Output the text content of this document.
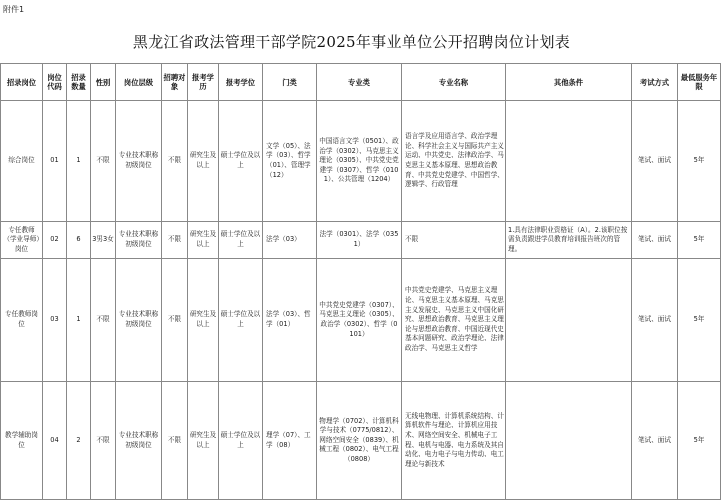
附件1
黑龙江省政法管理干部学院2025年事业单位公开招聘岗位计划表
招录岗位	岗位代码	招录数量	性别	岗位层级	招聘对象	报考学历	报考学位	门类	专业类	专业名称	其他条件	考试方式	最低服务年限
综合岗位	01	1	不限	专业技术职称初级岗位	不限	研究生及以上	硕士学位及以上	文学（05）、法学（03）、哲学（01）、管理学（12）	中国语言文学（0501）、政治学（0302）、马克思主义理论（0305）、中共党史党建学（0307）、哲学（0101）、公共管理（1204）	语言学及应用语言学、政治学理论、科学社会主义与国际共产主义运动、中共党史、法律政治学、马克思主义基本原理、思想政治教育、中共党史党建学、中国哲学、逻辑学、行政管理		笔试、面试	5年
专任教师（学业导师）岗位	02	6	3男3女	专业技术职称初级岗位	不限	研究生及以上	硕士学位及以上	法学（03）	法学（0301）、法学（0351）	不限	1.具有法律职业资格证（A）。2.该职位按需负责跟进学员教育培训报告班次的管理。	笔试、面试	5年
专任教师岗位	03	1	不限	专业技术职称初级岗位	不限	研究生及以上	硕士学位及以上	法学（03）、哲学（01）	中共党史党建学（0307）、马克思主义理论（0305）、政治学（0302）、哲学（0101）	中共党史党建学、马克思主义理论、马克思主义基本原理、马克思主义发展史、马克思主义中国化研究、思想政治教育、马克思主义理论与思想政治教育、中国近现代史基本问题研究、政治学理论、法律政治学、马克思主义哲学		笔试、面试	5年
教学辅助岗位	04	2	不限	专业技术职称初级岗位	不限	研究生及以上	硕士学位及以上	理学（07）、工学（08）	物理学（0702）、计算机科学与技术（0775/0812）、网络空间安全（0839）、机械工程（0802）、电气工程（0808）	无线电物理、计算机系统结构、计算机软件与理论、计算机应用技术、网络空间安全、机械电子工程、电机与电器、电力系统及其自动化、电力电子与电力传动、电工理论与新技术		笔试、面试	5年
